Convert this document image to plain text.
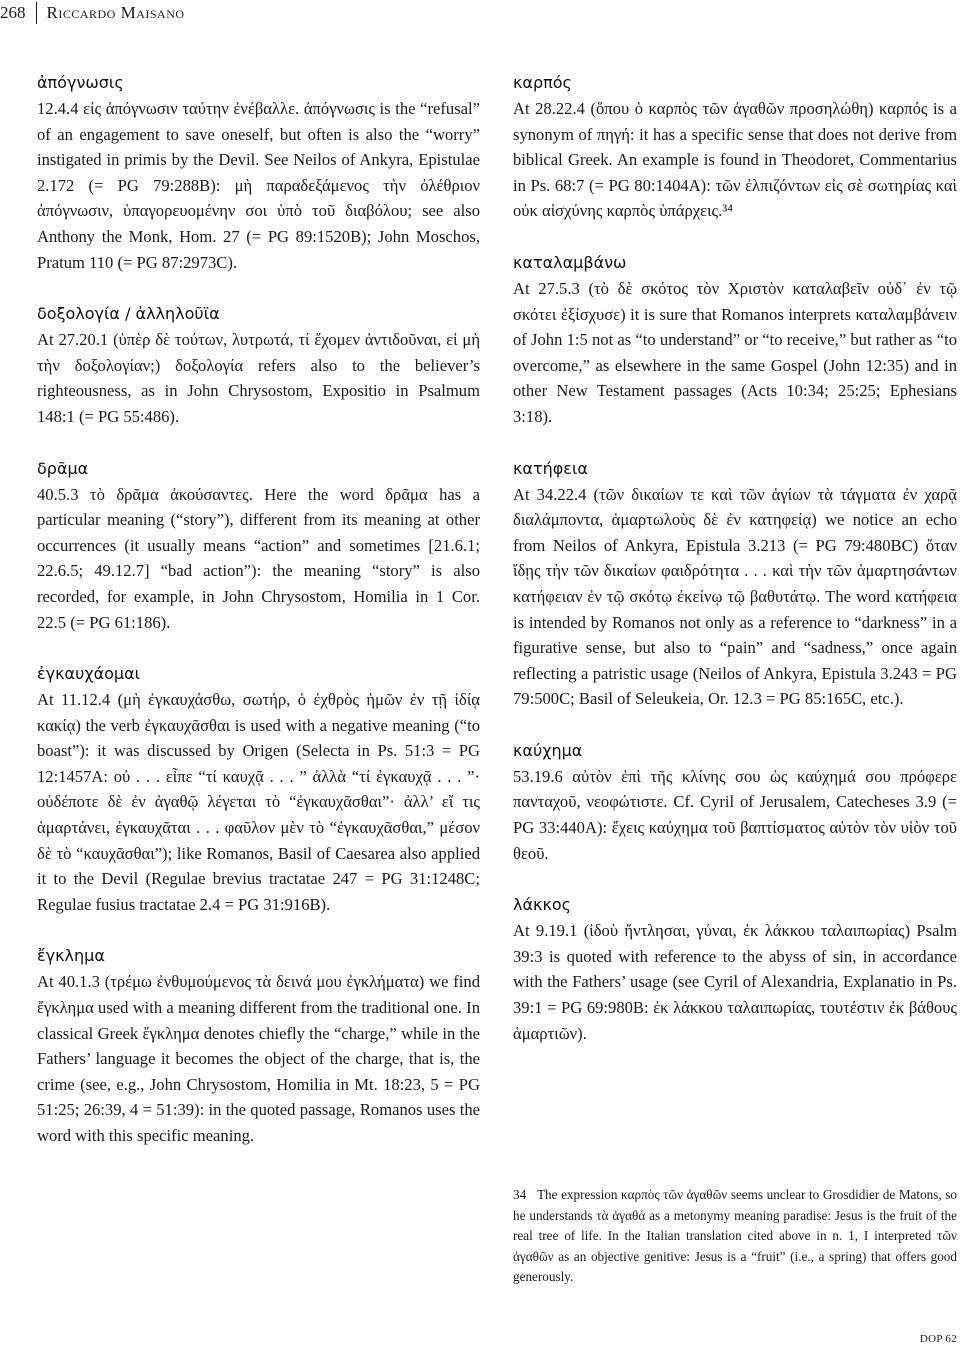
268 Riccardo Maisano
ἀπόγνωσις

12.4.4 εἰς ἀπόγνωσιν ταύτην ἐνέβαλλε. ἀπόγνωσις is the “refusal” of an engagement to save oneself, but often is also the “worry” instigated in primis by the Devil. See Neilos of Ankyra, Epistulae 2.172 (= PG 79:288B): μὴ παραδεξάμενος τὴν ὀλέθριον ἀπόγνωσιν, ὑπαγορευομένην σοι ὑπὸ τοῦ διαβόλου; see also Anthony the Monk, Hom. 27 (= PG 89:1520B); John Moschos, Pratum 110 (= PG 87:2973C).

δοξολογία / ἀλληλοῦϊα

At 27.20.1 (ὑπὲρ δὲ τούτων, λυτρωτά, τί ἔχομεν ἀντιδοῦναι, εἰ μὴ τὴν δοξολογίαν;) δοξολογία refers also to the believer’s righteousness, as in John Chrysostom, Expositio in Psalmum 148:1 (= PG 55:486).

δρᾶμα

40.5.3 τὸ δρᾶμα ἀκούσαντες. Here the word δρᾶμα has a particular meaning (“story”), different from its meaning at other occurrences (it usually means “action” and sometimes [21.6.1; 22.6.5; 49.12.7] “bad action”): the meaning “story” is also recorded, for example, in John Chrysostom, Homilia in 1 Cor. 22.5 (= PG 61:186).

ἐγκαυχάομαι

At 11.12.4 (μὴ ἐγκαυχάσθω, σωτήρ, ὁ ἐχθρὸς ἡμῶν ἐν τῇ ἰδίᾳ κακίᾳ) the verb ἐγκαυχᾶσθαι is used with a negative meaning (“to boast”): it was discussed by Origen (Selecta in Ps. 51:3 = PG 12:1457A: οὐ . . . εἶπε “τί καυχᾷ . . . ” ἀλλὰ “τί ἐγκαυχᾷ . . . ”· οὐδέποτε δὲ ἐν ἀγαθῷ λέγεται τὸ “ἐγκαυχᾶσθαι”· ἀλλ’ εἴ τις ἁμαρτάνει, ἐγκαυχᾶται . . . φαῦλον μὲν τὸ “ἐγκαυχᾶσθαι,” μέσον δὲ τὸ “καυχᾶσθαι”); like Romanos, Basil of Caesarea also applied it to the Devil (Regulae brevius tractatae 247 = PG 31:1248C; Regulae fusius tractatae 2.4 = PG 31:916B).

ἔγκλημα

At 40.1.3 (τρέμω ἐνθυμούμενος τὰ δεινά μου ἐγκλήματα) we find ἔγκλημα used with a meaning different from the traditional one. In classical Greek ἔγκλημα denotes chiefly the “charge,” while in the Fathers’ language it becomes the object of the charge, that is, the crime (see, e.g., John Chrysostom, Homilia in Mt. 18:23, 5 = PG 51:25; 26:39, 4 = 51:39): in the quoted passage, Romanos uses the word with this specific meaning.

καρπός

At 28.22.4 (ὅπου ὁ καρπὸς τῶν ἀγαθῶν προσηλώθη) καρπός is a synonym of πηγή: it has a specific sense that does not derive from biblical Greek. An example is found in Theodoret, Commentarius in Ps. 68:7 (= PG 80:1404A): τῶν ἐλπιζόντων εἰς σὲ σωτηρίας καὶ οὐκ αἰσχύνης καρπὸς ὑπάρχεις.³⁴

καταλαμβάνω

At 27.5.3 (τὸ δὲ σκότος τὸν Χριστὸν καταλαβεῖν οὐδ᾽ ἐν τῷ σκότει ἐξίσχυσε) it is sure that Romanos interprets καταλαμβάνειν of John 1:5 not as “to understand” or “to receive,” but rather as “to overcome,” as elsewhere in the same Gospel (John 12:35) and in other New Testament passages (Acts 10:34; 25:25; Ephesians 3:18).

κατήφεια

At 34.22.4 (τῶν δικαίων τε καὶ τῶν ἁγίων τὰ τάγματα ἐν χαρᾷ διαλάμποντα, ἁμαρτωλοὺς δὲ ἐν κατηφείᾳ) we notice an echo from Neilos of Ankyra, Epistula 3.213 (= PG 79:480BC) ὅταν ἴδῃς τὴν τῶν δικαίων φαιδρότητα . . . καὶ τὴν τῶν ἁμαρτησάντων κατήφειαν ἐν τῷ σκότῳ ἐκείνῳ τῷ βαθυτάτῳ. The word κατήφεια is intended by Romanos not only as a reference to “darkness” in a figurative sense, but also to “pain” and “sadness,” once again reflecting a patristic usage (Neilos of Ankyra, Epistula 3.243 = PG 79:500C; Basil of Seleukeia, Or. 12.3 = PG 85:165C, etc.).

καύχημα

53.19.6 αὐτὸν ἐπὶ τῆς κλίνης σου ὡς καύχημά σου πρόφερε πανταχοῦ, νεοφώτιστε. Cf. Cyril of Jerusalem, Catecheses 3.9 (= PG 33:440A): ἔχεις καύχημα τοῦ βαπτίσματος αὐτὸν τὸν υἱὸν τοῦ θεοῦ.

λάκκος

At 9.19.1 (ἰδοὺ ἤντλησαι, γύναι, ἐκ λάκκου ταλαιπωρίας) Psalm 39:3 is quoted with reference to the abyss of sin, in accordance with the Fathers’ usage (see Cyril of Alexandria, Explanatio in Ps. 39:1 = PG 69:980B: ἐκ λάκκου ταλαιπωρίας, τουτέστιν ἐκ βάθους ἁμαρτιῶν).

34 The expression καρπὸς τῶν ἀγαθῶν seems unclear to Grosdidier de Matons, so he understands τὰ ἀγαθά as a metonymy meaning paradise: Jesus is the fruit of the real tree of life. In the Italian translation cited above in n. 1, I interpreted τῶν ἀγαθῶν as an objective genitive: Jesus is a “fruit” (i.e., a spring) that offers good generously.
DOP 62
